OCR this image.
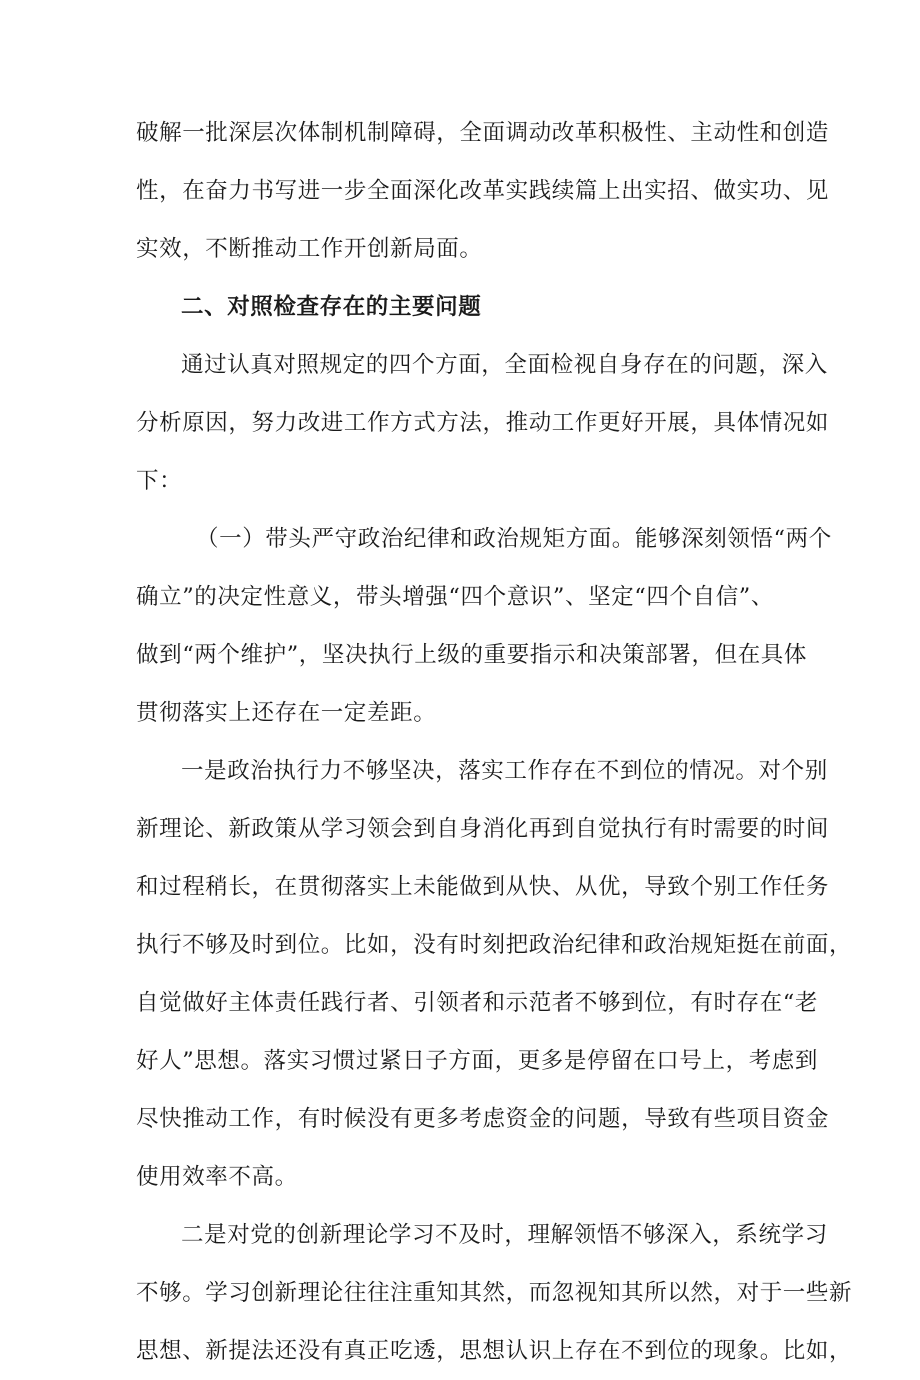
破解一批深层次体制机制障碍，全面调动改革积极性、主动性和创造
性，在奋力书写进一步全面深化改革实践续篇上出实招、做实功、见
实效，不断推动工作开创新局面。
二、对照检查存在的主要问题
通过认真对照规定的四个方面，全面检视自身存在的问题，深入
分析原因，努力改进工作方式方法，推动工作更好开展，具体情况如
下：
（一）带头严守政治纪律和政治规矩方面。能够深刻领悟“两个
确立”的决定性意义，带头增强“四个意识”、坚定“四个自信”、
做到“两个维护”，坚决执行上级的重要指示和决策部署，但在具体
贯彻落实上还存在一定差距。
一是政治执行力不够坚决，落实工作存在不到位的情况。对个别
新理论、新政策从学习领会到自身消化再到自觉执行有时需要的时间
和过程稍长，在贯彻落实上未能做到从快、从优，导致个别工作任务
执行不够及时到位。比如，没有时刻把政治纪律和政治规矩挺在前面，
自觉做好主体责任践行者、引领者和示范者不够到位，有时存在“老
好人”思想。落实习惯过紧日子方面，更多是停留在口号上，考虑到
尽快推动工作，有时候没有更多考虑资金的问题，导致有些项目资金
使用效率不高。
二是对党的创新理论学习不及时，理解领悟不够深入，系统学习
不够。学习创新理论往往注重知其然，而忽视知其所以然，对于一些新
思想、新提法还没有真正吃透，思想认识上存在不到位的现象。比如，
